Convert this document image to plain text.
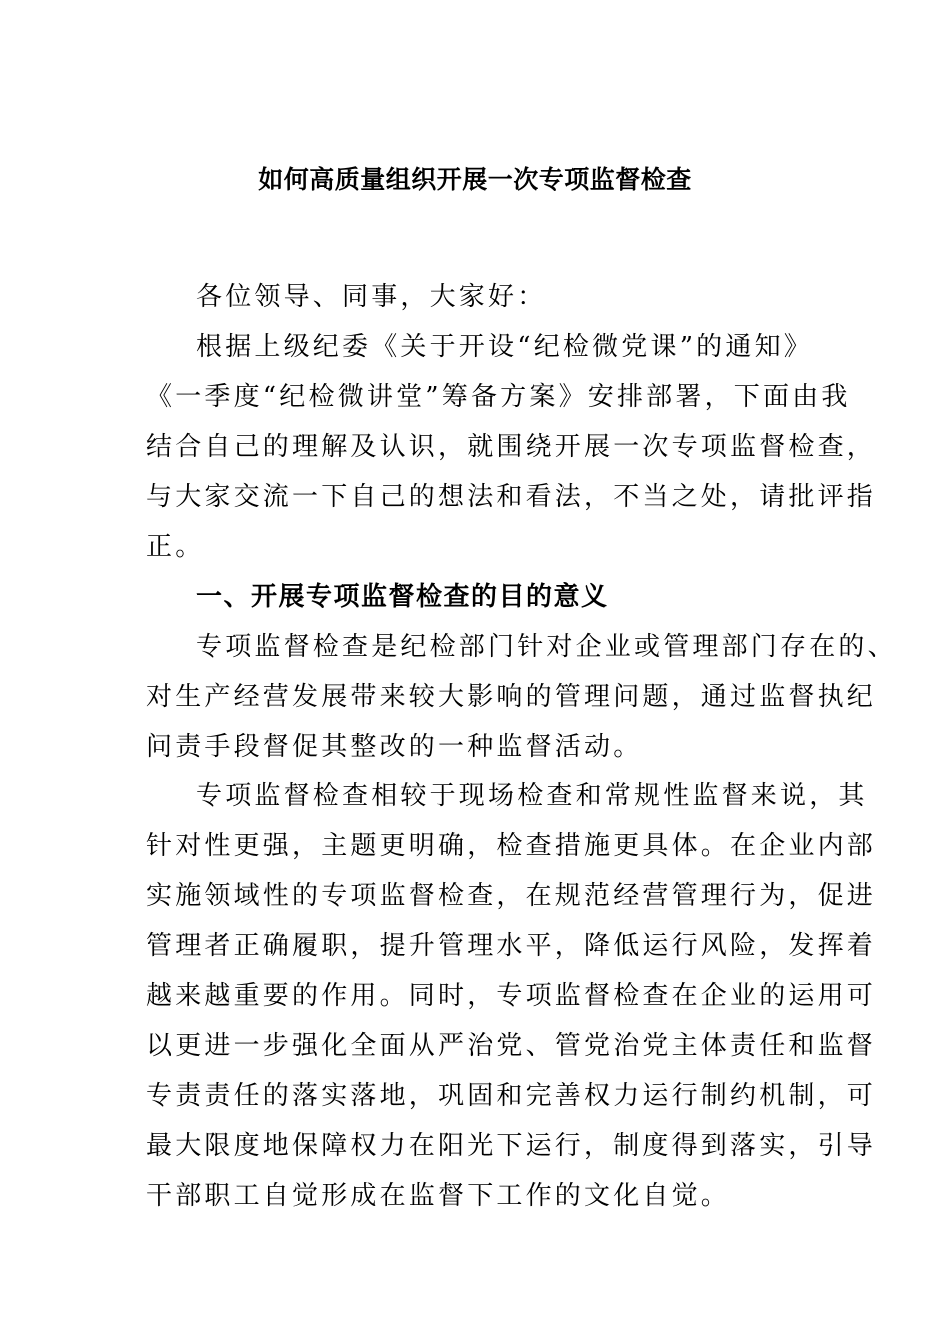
如何高质量组织开展一次专项监督检查
各位领导、同事，大家好：
根据上级纪委《关于开设“纪检微党课”的通知》
《一季度“纪检微讲堂”筹备方案》安排部署，下面由我
结合自己的理解及认识，就围绕开展一次专项监督检查，
与大家交流一下自己的想法和看法，不当之处，请批评指
正。
一、开展专项监督检查的目的意义
专项监督检查是纪检部门针对企业或管理部门存在的、
对生产经营发展带来较大影响的管理问题，通过监督执纪
问责手段督促其整改的一种监督活动。
专项监督检查相较于现场检查和常规性监督来说，其
针对性更强，主题更明确，检查措施更具体。在企业内部
实施领域性的专项监督检查，在规范经营管理行为，促进
管理者正确履职，提升管理水平，降低运行风险，发挥着
越来越重要的作用。同时，专项监督检查在企业的运用可
以更进一步强化全面从严治党、管党治党主体责任和监督
专责责任的落实落地，巩固和完善权力运行制约机制，可
最大限度地保障权力在阳光下运行，制度得到落实，引导
干部职工自觉形成在监督下工作的文化自觉。
